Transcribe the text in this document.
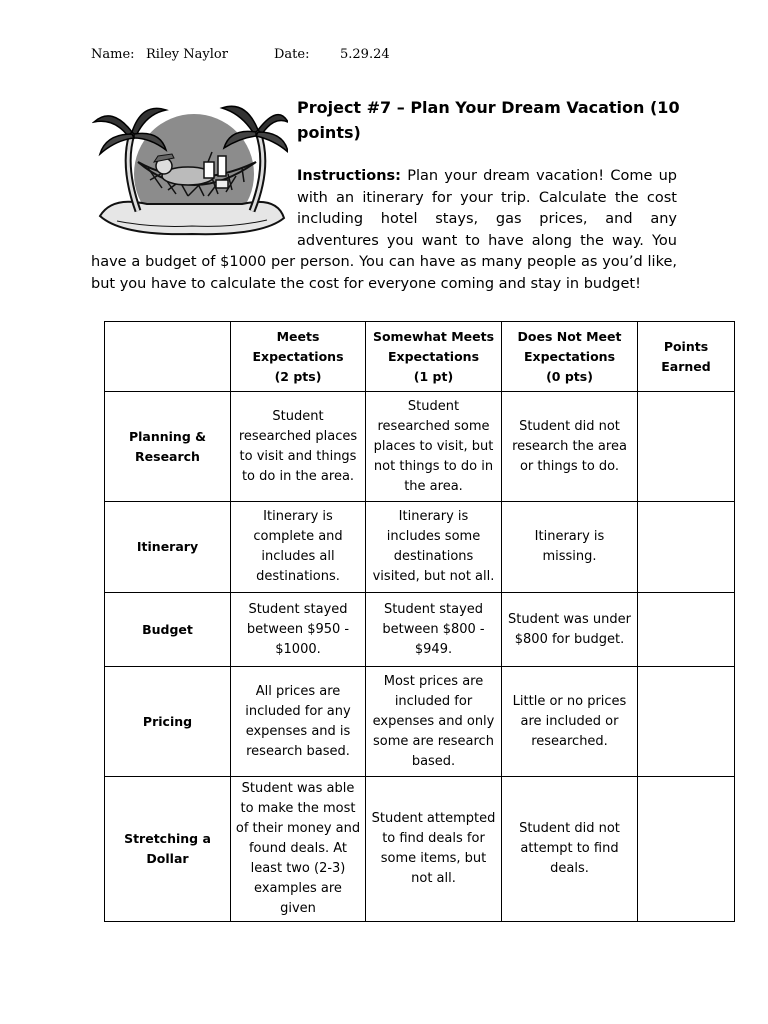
Name: Riley Naylor	Date: 5.29.24
Project #7 – Plan Your Dream Vacation (10 points)
Instructions: Plan your dream vacation! Come up with an itinerary for your trip. Calculate the cost including hotel stays, gas prices, and any adventures you want to have along the way. You have a budget of $1000 per person. You can have as many people as you’d like, but you have to calculate the cost for everyone coming and stay in budget!
	Meets
Expectations
(2 pts)	Somewhat Meets
Expectations
(1 pt)	Does Not Meet
Expectations
(0 pts)	Points
Earned
Planning &
Research	Student researched places to visit and things to do in the area.	Student researched some places to visit, but not things to do in the area.	Student did not research the area or things to do.	
Itinerary	Itinerary is complete and includes all destinations.	Itinerary is includes some destinations visited, but not all.	Itinerary is missing.	
Budget	Student stayed between $950 - $1000.	Student stayed between $800 - $949.	Student was under $800 for budget.	
Pricing	All prices are included for any expenses and is research based.	Most prices are included for expenses and only some are research based.	Little or no prices are included or researched.	
Stretching a
Dollar	Student was able to make the most of their money and found deals. At least two (2-3) examples are given	Student attempted to find deals for some items, but not all.	Student did not attempt to find deals.	
